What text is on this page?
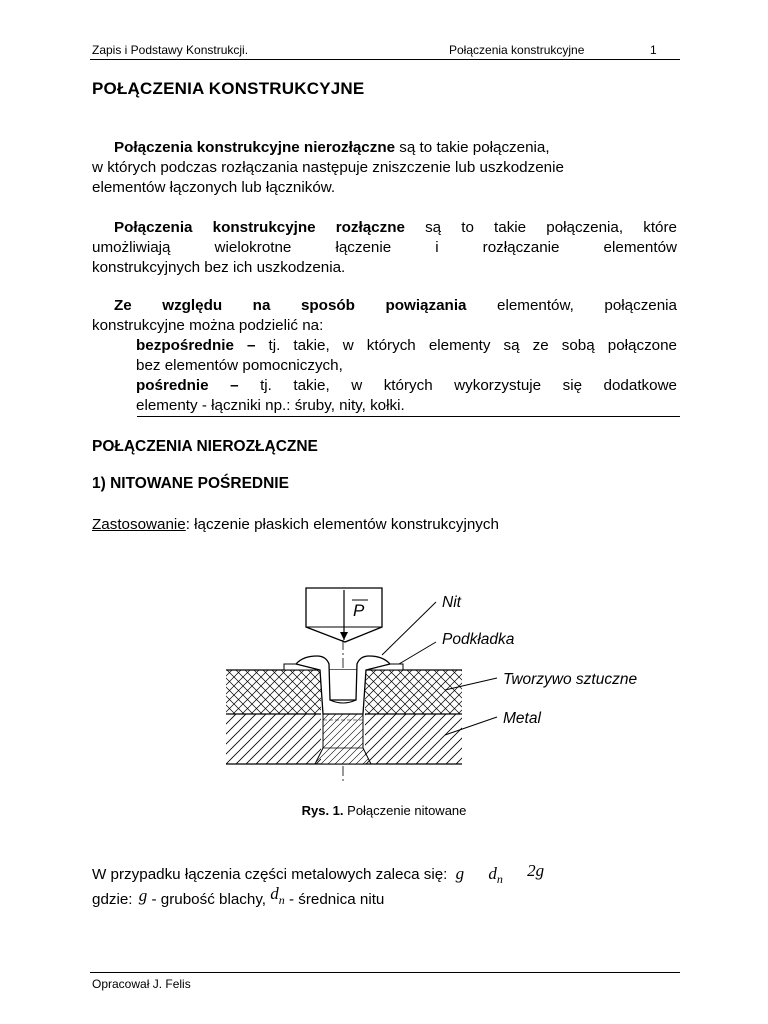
Zapis i Podstawy Konstrukcji.	Połączenia konstrukcyjne	1
POŁĄCZENIA KONSTRUKCYJNE
Połączenia konstrukcyjne nierozłączne są to takie połączenia,
w których podczas rozłączania następuje zniszczenie lub uszkodzenie
elementów łączonych lub łączników.
Połączenia konstrukcyjne rozłączne są to takie połączenia, które
umożliwiają wielokrotne łączenie i rozłączanie elementów
konstrukcyjnych bez ich uszkodzenia.
Ze względu na sposób powiązania elementów, połączenia
konstrukcyjne można podzielić na:
bezpośrednie – tj. takie, w których elementy są ze sobą połączone
bez elementów pomocniczych,
pośrednie – tj. takie, w których wykorzystuje się dodatkowe
elementy - łączniki np.: śruby, nity, kołki.
POŁĄCZENIA NIEROZŁĄCZNE
1) NITOWANE POŚREDNIE
Zastosowanie: łączenie płaskich elementów konstrukcyjnych
P	Nit
Podkładka
Tworzywo sztuczne
Metal
Rys. 1. Połączenie nitowane
W przypadku łączenia części metalowych zaleca się: g $d_n$ 2g
gdzie: g - grubość blachy, dn - średnica nitu
Opracował J. Felis
